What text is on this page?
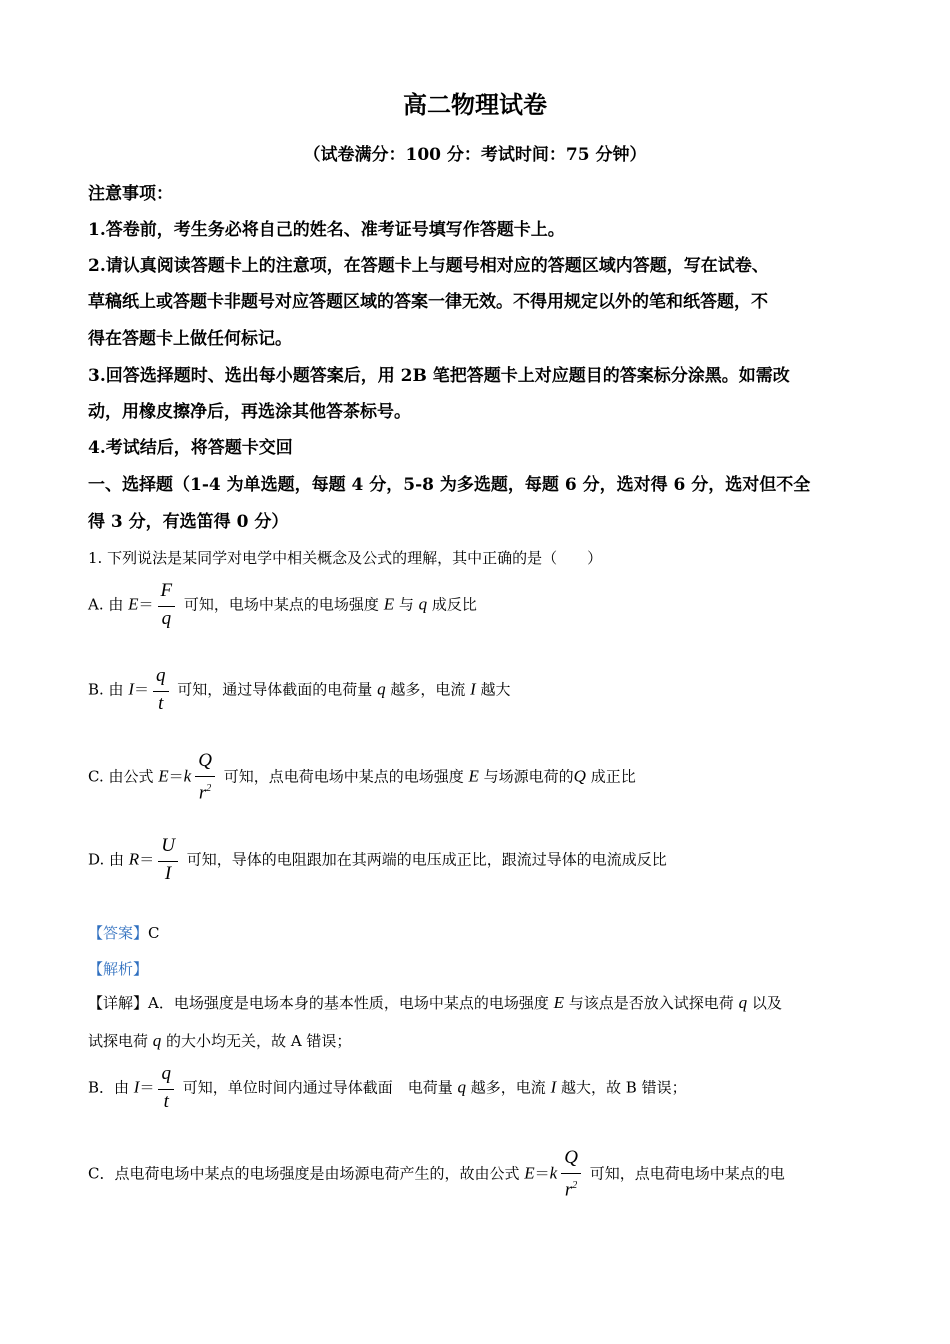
高二物理试卷
（试卷满分：100 分：考试时间：75 分钟）
注意事项：
1.答卷前，考生务必将自己的姓名、准考证号填写作答题卡上。
2.请认真阅读答题卡上的注意项，在答题卡上与题号相对应的答题区域内答题，写在试卷、
草稿纸上或答题卡非题号对应答题区域的答案一律无效。不得用规定以外的笔和纸答题，不
得在答题卡上做任何标记。
3.回答选择题时、选出每小题答案后，用 2B 笔把答题卡上对应题目的答案标分涂黑。如需改
动，用橡皮擦净后，再选涂其他答茶标号。
4.考试结后，将答题卡交回
一、选择题（1-4 为单选题，每题 4 分，5-8 为多选题，每题 6 分，选对得 6 分，选对但不全
得 3 分，有选笛得 0 分）
1. 下列说法是某同学对电学中相关概念及公式的理解，其中正确的是（　　）
A. 由 $E= \frac{F}{q}$ 可知，电场中某点的电场强度 E 与 q 成反比
B. 由 $I= \frac{q}{t}$ 可知，通过导体截面的电荷量 q 越多，电流 I 越大
C. 由公式 $E=k \frac{Q}{r^2}$ 可知，点电荷电场中某点的电场强度 E 与场源电荷的Q 成正比
D. 由 $R= \frac{U}{I}$ 可知，导体的电阻跟加在其两端的电压成正比，跟流过导体的电流成反比
【答案】C
【解析】
【详解】A．电场强度是电场本身的基本性质，电场中某点的电场强度 E 与该点是否放入试探电荷 q 以及
试探电荷 q 的大小均无关，故 A 错误；
B．由 $I= \frac{q}{t}$ 可知，单位时间内通过导体截面　电荷量 q 越多，电流 I 越大，故 B 错误；
C．点电荷电场中某点的电场强度是由场源电荷产生的，故由公式 $E=k \frac{Q}{r^2}$ 可知，点电荷电场中某点的电
